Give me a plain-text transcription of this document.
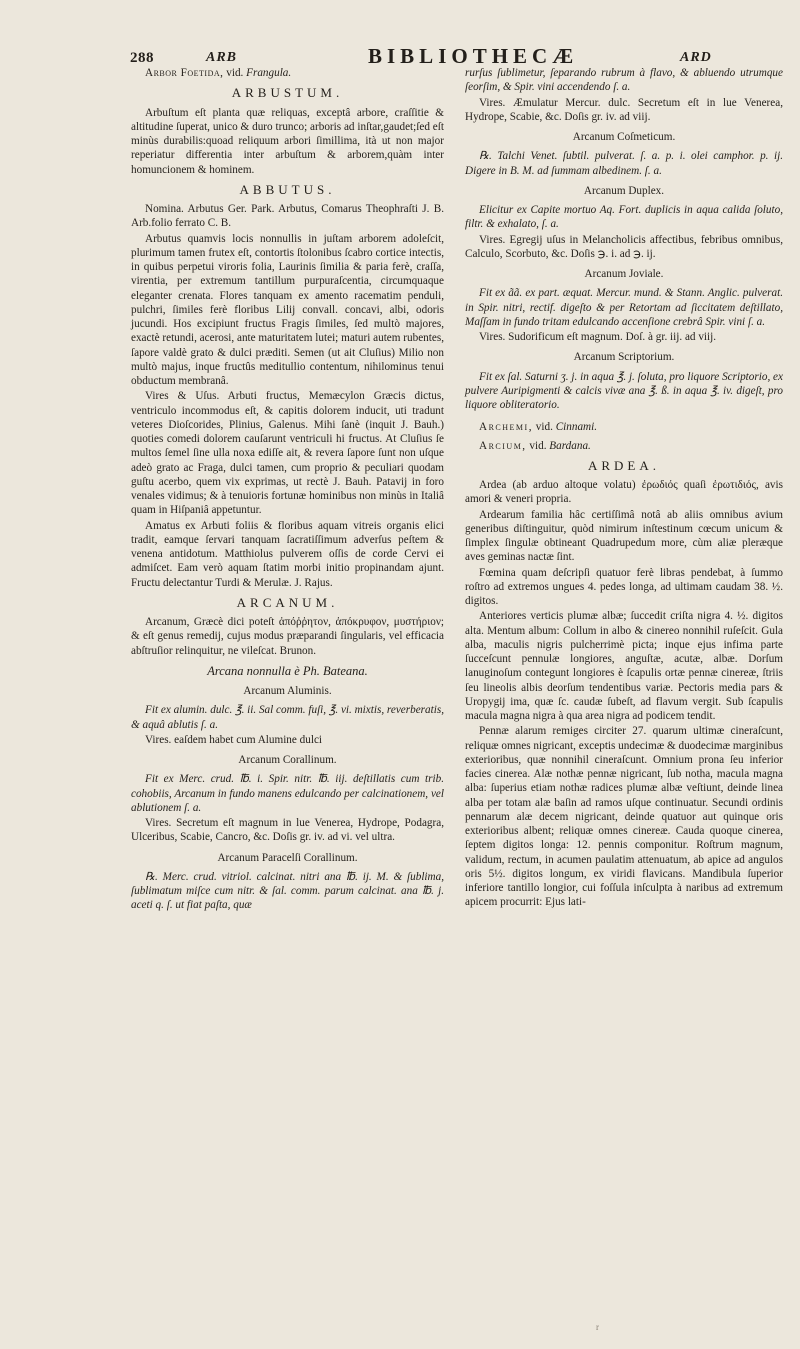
288	ARB	BIBLIOTHECÆ	ARD

Arbor Foetida, vid. Frangula.

ARBUSTUM.

Arbuſtum eſt planta quæ reliquas, exceptâ arbore, craſſitie & altitudine ſuperat, unico & duro trunco; arboris ad inſtar,gaudet;ſed eſt minùs durabilis:quoad reliquum arbori ſimillima, ità ut non major reperiatur differentia inter arbuſtum & arborem,quàm inter homuncionem & hominem.

ABBUTUS.

Nomina. Arbutus Ger. Park. Arbutus, Comarus Theophraſti J. B. Arb.folio ferrato C. B.

Arbutus quamvis locis nonnullis in juſtam arborem adoleſcit, plurimum tamen frutex eſt, contortis ſtolonibus ſcabro cortice intectis, in quibus perpetui viroris folia, Laurinis ſimilia & paria ferè, craſſa, virentia, per extremum tantillum purpuraſcentia, circumquaque eleganter crenata. Flores tanquam ex amento racematim penduli, pulchri, ſimiles ferè floribus Lilij convall. concavi, albi, odoris jucundi. Hos excipiunt fructus Fragis ſimiles, ſed multò majores, exactè retundi, acerosi, ante maturitatem lutei; maturi autem rubentes, ſapore valdè grato & dulci præditi. Semen (ut ait Cluſius) Milio non multò majus, inque fructûs meditullio contentum, nihilominus tenui obductum membranâ.

Vires & Uſus. Arbuti fructus, Memæcylon Græcis dictus, ventriculo incommodus eſt, & capitis dolorem inducit, uti tradunt veteres Dioſcorides, Plinius, Galenus. Mihi ſanè (inquit J. Bauh.) quoties comedi dolorem cauſarunt ventriculi hi fructus. At Cluſius ſe multos ſemel ſine ulla noxa ediſſe ait, & revera ſapore ſunt non uſque adeò grato ac Fraga, dulci tamen, cum proprio & peculiari quodam guſtu acerbo, quem vix exprimas, ut rectè J. Bauh. Patavij in foro venales vidimus; & à tenuioris fortunæ hominibus non minùs in Italiâ quam in Hiſpaniâ appetuntur.

Amatus ex Arbuti foliis & floribus aquam vitreis organis elici tradit, eamque ſervari tanquam ſacratiſſimum adverſus peſtem & venena antidotum. Matthiolus pulverem oſſis de corde Cervi ei admiſcet. Eam verò aquam ſtatim morbi initio propinandam ajunt. Fructu delectantur Turdi & Merulæ. J. Rajus.

ARCANUM.

Arcanum, Græcè dici poteſt ἀπόῤῥητον, ἀπόκρυφον, μυστήριον; & eſt genus remedij, cujus modus præparandi ſingularis, vel efficacia abſtruſior relinquitur, ne vileſcat. Brunon.

Arcana nonnulla è Ph. Bateana.
Arcanum Aluminis.

Fit ex alumin. dulc. ℥. ii. Sal comm. fuſi, ℥. vi. mixtis, reverberatis, & aquâ ablutis ſ. a.

Vires. eaſdem habet cum Alumine dulci

Arcanum Corallinum.

Fit ex Merc. crud. ℔. i. Spir. nitr. ℔. iij. deſtillatis cum trib. cohobiis, Arcanum in fundo manens edulcando per calcinationem, vel ablutionem ſ. a.

Vires. Secretum eſt magnum in lue Venerea, Hydrope, Podagra, Ulceribus, Scabie, Cancro, &c. Doſis gr. iv. ad vi. vel ultra.

Arcanum Paracelſi Corallinum.

℞. Merc. crud. vitriol. calcinat. nitri ana ℔. ij. M. & ſublima, ſublimatum miſce cum nitr. & ſal. comm. parum calcinat. ana ℔. j. aceti q. ſ. ut fiat paſta, quæ

rurſus ſublimetur, ſeparando rubrum à flavo, & abluendo utrumque ſeorſim, & Spir. vini accendendo ſ. a.

Vires. Æmulatur Mercur. dulc. Secretum eſt in lue Venerea, Hydrope, Scabie, &c. Doſis gr. iv. ad viij.

Arcanum Coſmeticum.

℞. Talchi Venet. ſubtil. pulverat. ſ. a. p. i. olei camphor. p. ij. Digere in B. M. ad ſummam albedinem. ſ. a.

Arcanum Duplex.

Elicitur ex Capite mortuo Aq. Fort. duplicis in aqua calida ſoluto, filtr. & exhalato, ſ. a.

Vires. Egregij uſus in Melancholicis affectibus, febribus omnibus, Calculo, Scorbuto, &c. Doſis ℈. i. ad ℈. ij.

Arcanum Joviale.

Fit ex ãã. ex part. æquat. Mercur. mund. & Stann. Anglic. pulverat. in Spir. nitri, rectif. digeſto & per Retortam ad ſiccitatem deſtillato, Maſſam in fundo tritam edulcando accenſione crebrâ Spir. vini ſ. a.

Vires. Sudorificum eſt magnum. Doſ. à gr. iij. ad viij.

Arcanum Scriptorium.

Fit ex ſal. Saturni ʒ. j. in aqua ℥. j. ſoluta, pro liquore Scriptorio, ex pulvere Auripigmenti & calcis vivæ ana ℥. ß. in aqua ℥. iv. digeſt, pro liquore obliteratorio.

Archemi, vid. Cinnami.

Arcium, vid. Bardana.

ARDEA.

Ardea (ab arduo altoque volatu) ἐρωδιός quaſi ἐρωτιδιός, avis amori & veneri propria.

Ardearum familia hâc certiſſimâ notâ ab aliis omnibus avium generibus diſtinguitur, quòd nimirum inſtestinum cœcum unicum & ſimplex ſingulæ obtineant Quadrupedum more, cùm aliæ pleræque aves geminas nactæ ſint.

Fœmina quam deſcripſi quatuor ferè libras pendebat, à ſummo roſtro ad extremos ungues 4. pedes longa, ad ultimam caudam 38. ½. digitos.

Anteriores verticis plumæ albæ; ſuccedit criſta nigra 4. ½. digitos alta. Mentum album: Collum in albo & cinereo nonnihil ruſeſcit. Gula alba, maculis nigris pulcherrimè picta; inque ejus infima parte ſucceſcunt pennulæ longiores, anguſtæ, acutæ, albæ. Dorſum lanuginoſum contegunt longiores è ſcapulis ortæ pennæ cinereæ, ſtriis ſeu lineolis albis deorſum tendentibus variæ. Pectoris media pars & Uropygij ima, quæ ſc. caudæ ſubeſt, ad flavum vergit. Sub ſcapulis macula magna nigra à qua area nigra ad podicem tendit.

Pennæ alarum remiges circiter 27. quarum ultimæ cineraſcunt, reliquæ omnes nigricant, exceptis undecimæ & duodecimæ marginibus exterioribus, quæ nonnihil cineraſcunt. Omnium prona ſeu inferior facies cinerea. Alæ nothæ pennæ nigricant, ſub notha, macula magna alba: ſuperius etiam nothæ radices plumæ albæ veſtiunt, deinde linea alba per totam alæ baſin ad ramos uſque continuatur. Secundi ordinis pennarum alæ decem nigricant, deinde quatuor aut quinque oris exterioribus albent; reliquæ omnes cinereæ. Cauda quoque cinerea, ſeptem digitos longa: 12. pennis componitur. Roſtrum magnum, validum, rectum, in acumen paulatim attenuatum, ab apice ad angulos oris 5½. digitos longum, ex viridi flavicans. Mandibula ſuperior inferiore tantillo longior, cui foſſula inſculpta à naribus ad extremum apicem procurrit: Ejus lati-

r
